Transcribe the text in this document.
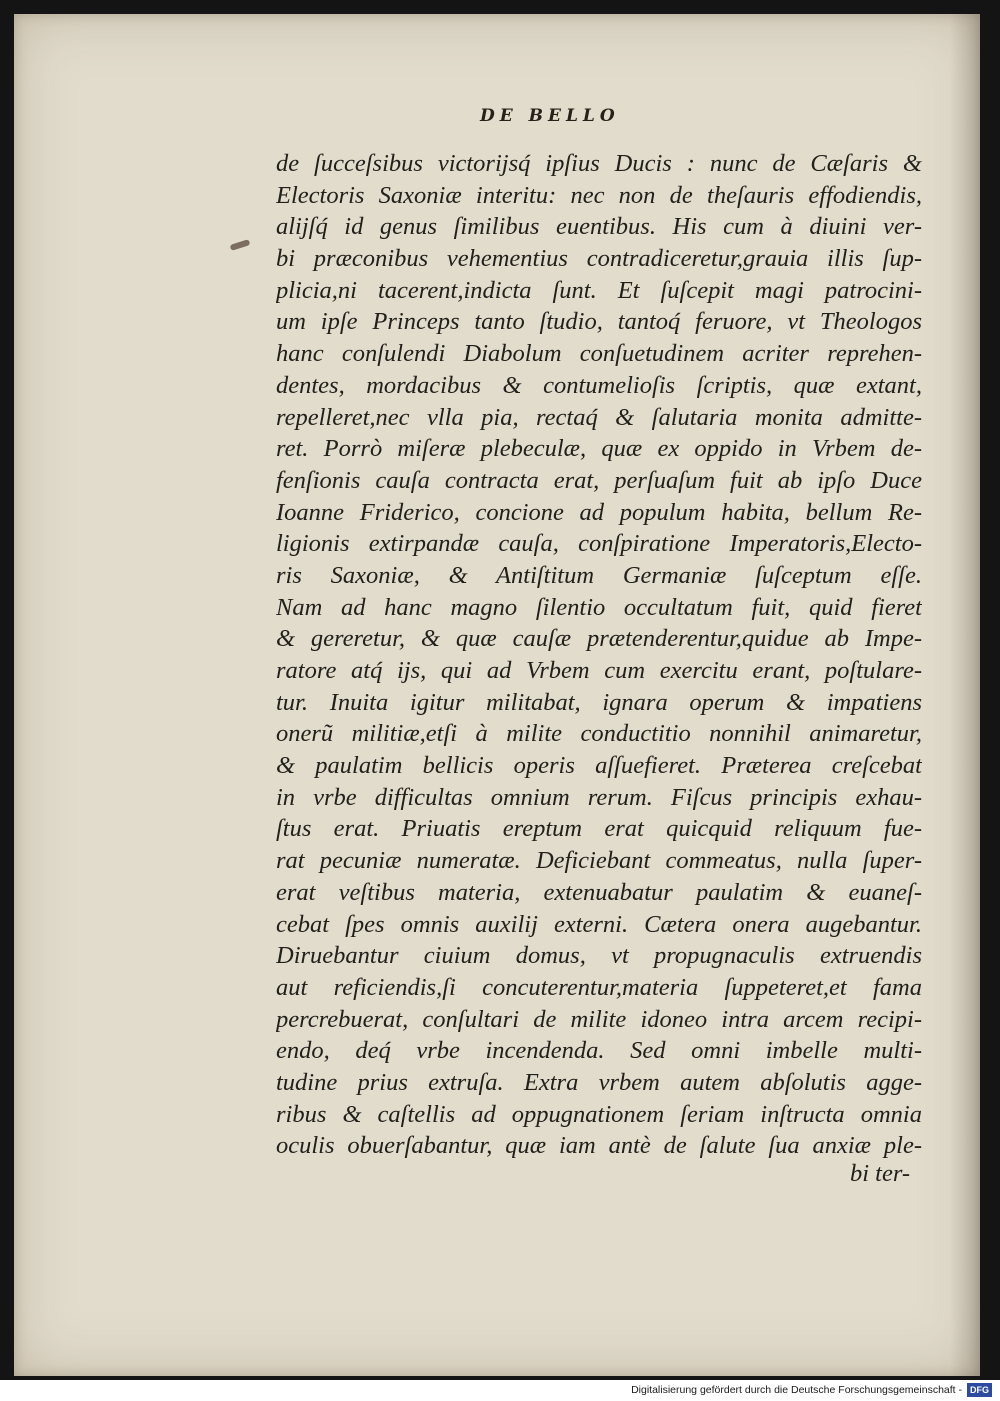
DE BELLO
de ſucceſsibus victorijsq́ ipſius Ducis : nunc de Cæſaris &
Electoris Saxoniæ interitu: nec non de theſauris effodiendis,
alijſq́ id genus ſimilibus euentibus. His cum à diuini ver-
bi præconibus vehementius contradiceretur,grauia illis ſup-
plicia,ni tacerent,indicta ſunt. Et ſuſcepit magi patrocini-
um ipſe Princeps tanto ſtudio, tantoq́ feruore, vt Theologos
hanc conſulendi Diabolum conſuetudinem acriter reprehen-
dentes, mordacibus & contumelioſis ſcriptis, quæ extant,
repelleret,nec vlla pia, rectaq́ & ſalutaria monita admitte-
ret. Porrò miſeræ plebeculæ, quæ ex oppido in Vrbem de-
fenſionis cauſa contracta erat, perſuaſum fuit ab ipſo Duce
Ioanne Friderico, concione ad populum habita, bellum Re-
ligionis extirpandæ cauſa, conſpiratione Imperatoris,Electo-
ris Saxoniæ, & Antiſtitum Germaniæ ſuſceptum eſſe.
Nam ad hanc magno ſilentio occultatum fuit, quid fieret
& gereretur, & quæ cauſæ prætenderentur,quidue ab Impe-
ratore atq́ ijs, qui ad Vrbem cum exercitu erant, poſtulare-
tur. Inuita igitur militabat, ignara operum & impatiens
onerũ militiæ,etſi à milite conductitio nonnihil animaretur,
& paulatim bellicis operis aſſuefieret. Præterea creſcebat
in vrbe difficultas omnium rerum. Fiſcus principis exhau-
ſtus erat. Priuatis ereptum erat quicquid reliquum fue-
rat pecuniæ numeratæ. Deficiebant commeatus, nulla ſuper-
erat veſtibus materia, extenuabatur paulatim & euaneſ-
cebat ſpes omnis auxilij externi. Cætera onera augebantur.
Diruebantur ciuium domus, vt propugnaculis extruendis
aut reficiendis,ſi concuterentur,materia ſuppeteret,et fama
percrebuerat, conſultari de milite idoneo intra arcem recipi-
endo, deq́ vrbe incendenda. Sed omni imbelle multi-
tudine prius extruſa. Extra vrbem autem abſolutis agge-
ribus & caſtellis ad oppugnationem ſeriam inſtructa omnia
oculis obuerſabantur, quæ iam antè de ſalute ſua anxiæ ple-
bi ter-
Digitalisierung gefördert durch die Deutsche Forschungsgemeinschaft - DFG
